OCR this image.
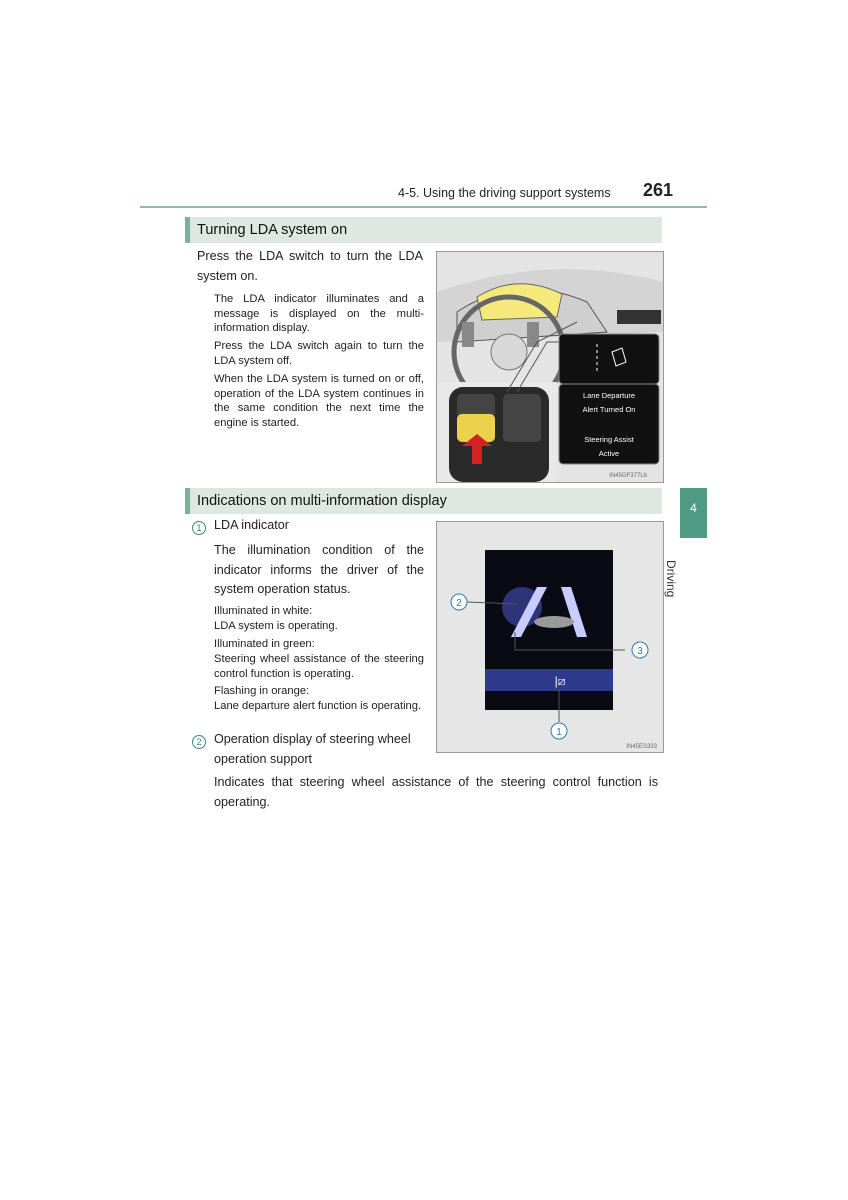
4-5. Using the driving support systems 261
4
Driving
Turning LDA system on
Press the LDA switch to turn the LDA system on.
The LDA indicator illuminates and a message is displayed on the multi-information display.
Press the LDA switch again to turn the LDA system off.
When the LDA system is turned on or off, operation of the LDA system continues in the same condition the next time the engine is started.
IN45GF377Lb
Lane Departure
Alert Turned On
Steering Assist
Active
Indications on multi-information display
1 LDA indicator
The illumination condition of the indicator informs the driver of the system operation status.
Illuminated in white:
LDA system is operating.
Illuminated in green:
Steering wheel assistance of the steering control function is operating.
Flashing in orange:
Lane departure alert function is operating.
2 Operation display of steering wheel operation support
Indicates that steering wheel assistance of the steering control function is operating.
|⧄
2
3
1
IN45ES333
